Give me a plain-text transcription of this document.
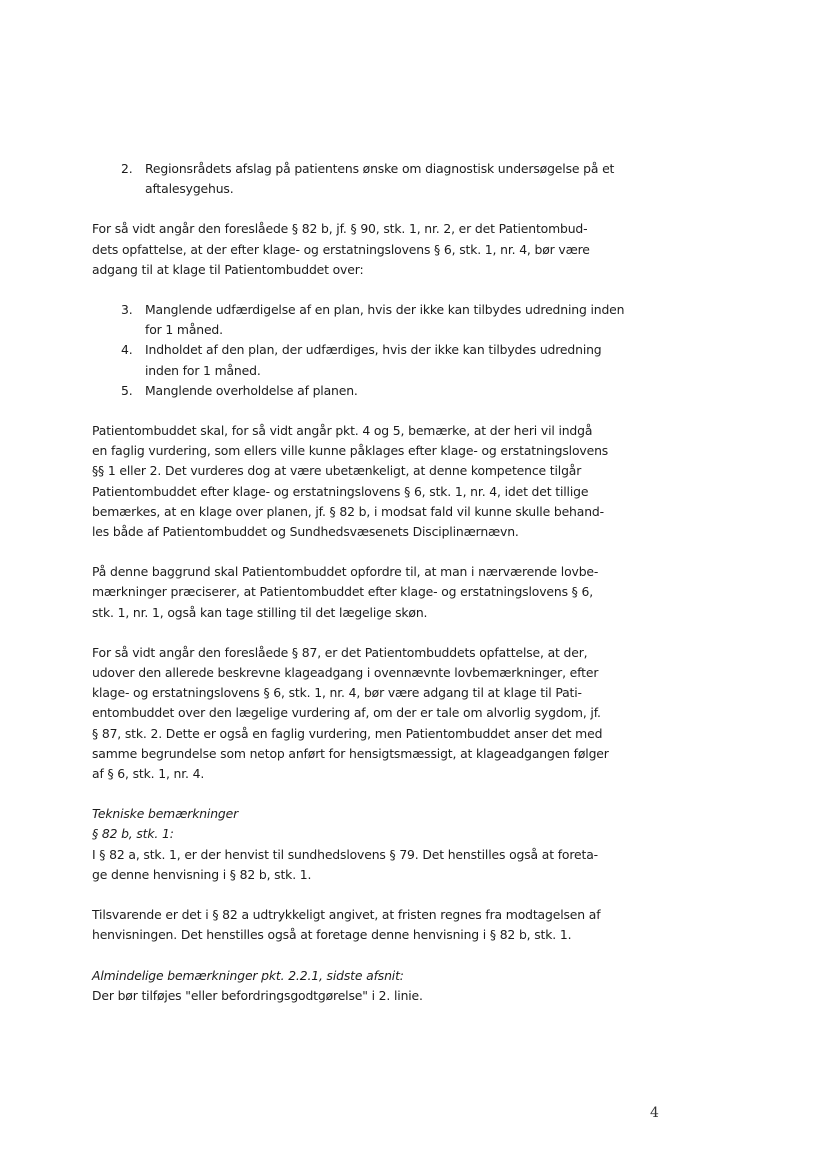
2. Regionsrådets afslag på patientens ønske om diagnostisk undersøgelse på et
aftalesygehus.

For så vidt angår den foreslåede § 82 b, jf. § 90, stk. 1, nr. 2, er det Patientombud-
dets opfattelse, at der efter klage- og erstatningslovens § 6, stk. 1, nr. 4, bør være
adgang til at klage til Patientombuddet over:

3. Manglende udfærdigelse af en plan, hvis der ikke kan tilbydes udredning inden
for 1 måned.

4. Indholdet af den plan, der udfærdiges, hvis der ikke kan tilbydes udredning
inden for 1 måned.

5. Manglende overholdelse af planen.

Patientombuddet skal, for så vidt angår pkt. 4 og 5, bemærke, at der heri vil indgå
en faglig vurdering, som ellers ville kunne påklages efter klage- og erstatningslovens
§§ 1 eller 2. Det vurderes dog at være ubetænkeligt, at denne kompetence tilgår
Patientombuddet efter klage- og erstatningslovens § 6, stk. 1, nr. 4, idet det tillige
bemærkes, at en klage over planen, jf. § 82 b, i modsat fald vil kunne skulle behand-
les både af Patientombuddet og Sundhedsvæsenets Disciplinærnævn.

På denne baggrund skal Patientombuddet opfordre til, at man i nærværende lovbe-
mærkninger præciserer, at Patientombuddet efter klage- og erstatningslovens § 6,
stk. 1, nr. 1, også kan tage stilling til det lægelige skøn.

For så vidt angår den foreslåede § 87, er det Patientombuddets opfattelse, at der,
udover den allerede beskrevne klageadgang i ovennævnte lovbemærkninger, efter
klage- og erstatningslovens § 6, stk. 1, nr. 4, bør være adgang til at klage til Pati-
entombuddet over den lægelige vurdering af, om der er tale om alvorlig sygdom, jf.
§ 87, stk. 2. Dette er også en faglig vurdering, men Patientombuddet anser det med
samme begrundelse som netop anført for hensigtsmæssigt, at klageadgangen følger
af § 6, stk. 1, nr. 4.

Tekniske bemærkninger
§ 82 b, stk. 1:
I § 82 a, stk. 1, er der henvist til sundhedslovens § 79. Det henstilles også at foreta-
ge denne henvisning i § 82 b, stk. 1.

Tilsvarende er det i § 82 a udtrykkeligt angivet, at fristen regnes fra modtagelsen af
henvisningen. Det henstilles også at foretage denne henvisning i § 82 b, stk. 1.

Almindelige bemærkninger pkt. 2.2.1, sidste afsnit:
Der bør tilføjes "eller befordringsgodtgørelse" i 2. linie.

4
